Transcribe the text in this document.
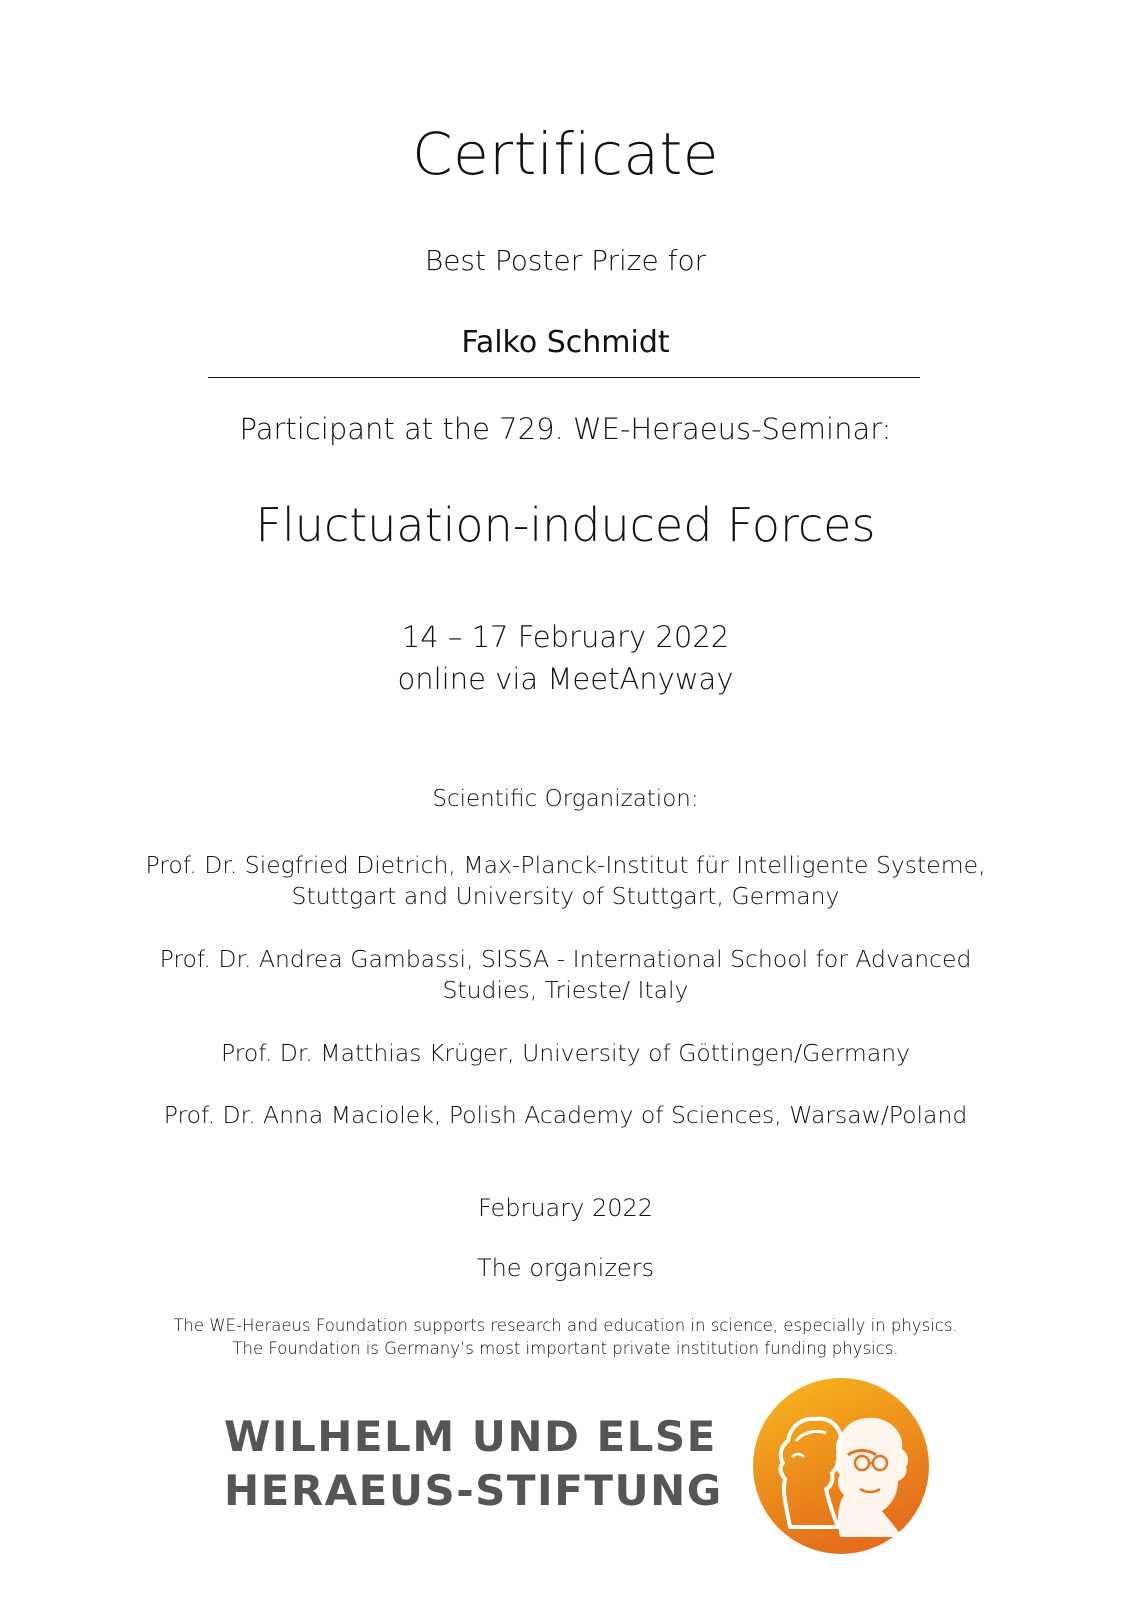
Certificate
Best Poster Prize for
Falko Schmidt
Participant at the 729. WE-Heraeus-Seminar:
Fluctuation-induced Forces
14 – 17 February 2022
online via MeetAnyway
Scientific Organization:
Prof. Dr. Siegfried Dietrich, Max-Planck-Institut für Intelligente Systeme,
Stuttgart and University of Stuttgart, Germany
Prof. Dr. Andrea Gambassi, SISSA - International School for Advanced
Studies, Trieste/ Italy
Prof. Dr. Matthias Krüger, University of Göttingen/Germany
Prof. Dr. Anna Maciolek, Polish Academy of Sciences, Warsaw/Poland
February 2022
The organizers
The WE-Heraeus Foundation supports research and education in science, especially in physics.
The Foundation is Germany’s most important private institution funding physics.
WILHELM UND ELSE
HERAEUS-STIFTUNG
